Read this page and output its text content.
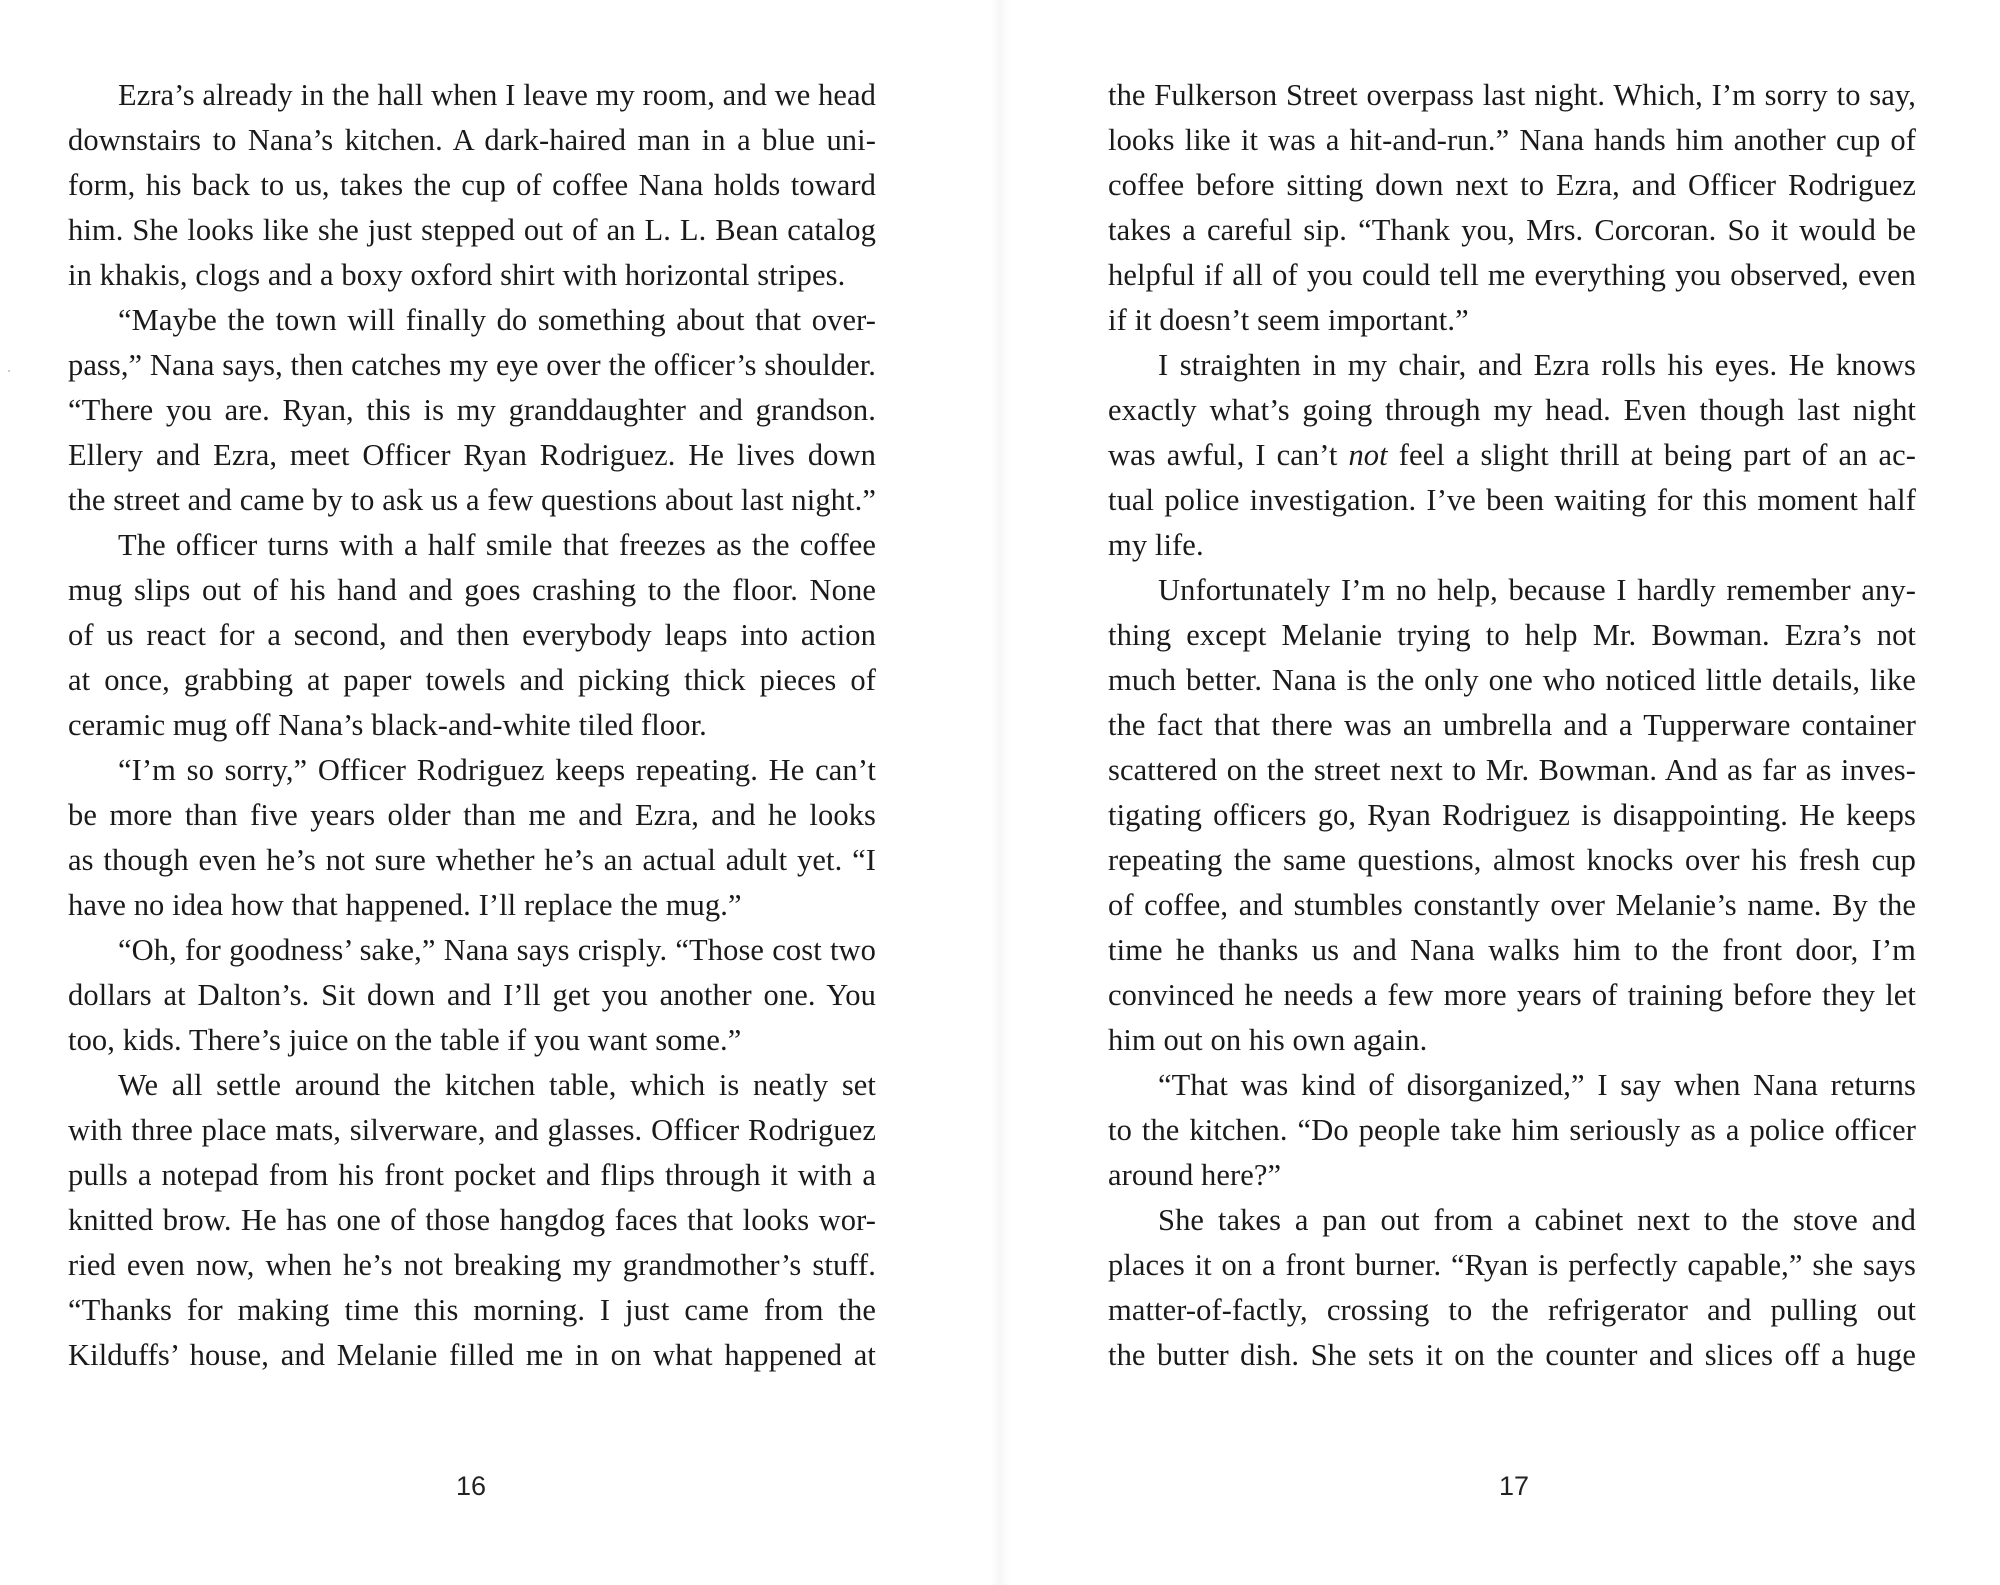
Ezra’s already in the hall when I leave my room, and we head
downstairs to Nana’s kitchen. A dark-haired man in a blue uni-
form, his back to us, takes the cup of coffee Nana holds toward
him. She looks like she just stepped out of an L. L. Bean catalog
in khakis, clogs and a boxy oxford shirt with horizontal stripes.
“Maybe the town will finally do something about that over-
pass,” Nana says, then catches my eye over the officer’s shoulder.
“There you are. Ryan, this is my granddaughter and grandson.
Ellery and Ezra, meet Officer Ryan Rodriguez. He lives down
the street and came by to ask us a few questions about last night.”
The officer turns with a half smile that freezes as the coffee
mug slips out of his hand and goes crashing to the floor. None
of us react for a second, and then everybody leaps into action
at once, grabbing at paper towels and picking thick pieces of
ceramic mug off Nana’s black-and-white tiled floor.
“I’m so sorry,” Officer Rodriguez keeps repeating. He can’t
be more than five years older than me and Ezra, and he looks
as though even he’s not sure whether he’s an actual adult yet. “I
have no idea how that happened. I’ll replace the mug.”
“Oh, for goodness’ sake,” Nana says crisply. “Those cost two
dollars at Dalton’s. Sit down and I’ll get you another one. You
too, kids. There’s juice on the table if you want some.”
We all settle around the kitchen table, which is neatly set
with three place mats, silverware, and glasses. Officer Rodriguez
pulls a notepad from his front pocket and flips through it with a
knitted brow. He has one of those hangdog faces that looks wor-
ried even now, when he’s not breaking my grandmother’s stuff.
“Thanks for making time this morning. I just came from the
Kilduffs’ house, and Melanie filled me in on what happened at
16
the Fulkerson Street overpass last night. Which, I’m sorry to say,
looks like it was a hit-and-run.” Nana hands him another cup of
coffee before sitting down next to Ezra, and Officer Rodriguez
takes a careful sip. “Thank you, Mrs. Corcoran. So it would be
helpful if all of you could tell me everything you observed, even
if it doesn’t seem important.”
I straighten in my chair, and Ezra rolls his eyes. He knows
exactly what’s going through my head. Even though last night
was awful, I can’t not feel a slight thrill at being part of an ac-
tual police investigation. I’ve been waiting for this moment half
my life.
Unfortunately I’m no help, because I hardly remember any-
thing except Melanie trying to help Mr. Bowman. Ezra’s not
much better. Nana is the only one who noticed little details, like
the fact that there was an umbrella and a Tupperware container
scattered on the street next to Mr. Bowman. And as far as inves-
tigating officers go, Ryan Rodriguez is disappointing. He keeps
repeating the same questions, almost knocks over his fresh cup
of coffee, and stumbles constantly over Melanie’s name. By the
time he thanks us and Nana walks him to the front door, I’m
convinced he needs a few more years of training before they let
him out on his own again.
“That was kind of disorganized,” I say when Nana returns
to the kitchen. “Do people take him seriously as a police officer
around here?”
She takes a pan out from a cabinet next to the stove and
places it on a front burner. “Ryan is perfectly capable,” she says
matter-of-factly, crossing to the refrigerator and pulling out
the butter dish. She sets it on the counter and slices off a huge
17
